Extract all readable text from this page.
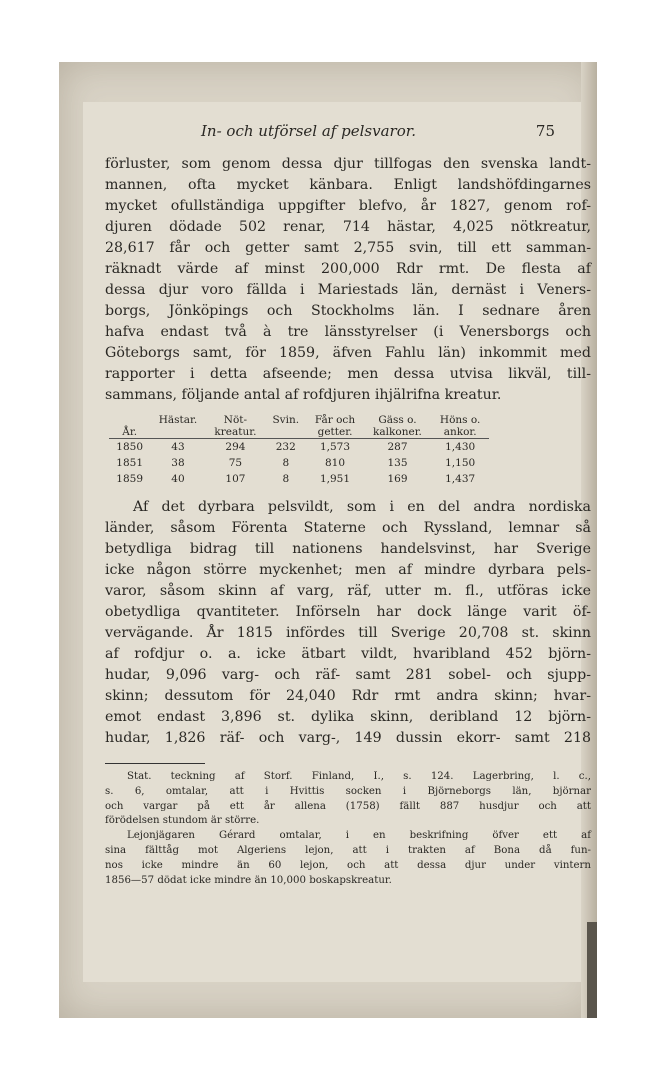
In- och utförsel af pelsvaror.	75
förluster, som genom dessa djur tillfogas den svenska landt-
mannen, ofta mycket känbara. Enligt landshöfdingarnes
mycket ofullständiga uppgifter blefvo, år 1827, genom rof-
djuren dödade 502 renar, 714 hästar, 4,025 nötkreatur,
28,617 får och getter samt 2,755 svin, till ett samman-
räknadt värde af minst 200,000 Rdr rmt. De flesta af
dessa djur voro fällda i Mariestads län, dernäst i Veners-
borgs, Jönköpings och Stockholms län. I sednare åren
hafva endast två à tre länsstyrelser (i Venersborgs och
Göteborgs samt, för 1859, äfven Fahlu län) inkommit med
rapporter i detta afseende; men dessa utvisa likväl, till-
sammans, följande antal af rofdjuren ihjälrifna kreatur.
	Hästar.	Nöt-	Svin.	Får och	Gäss o.	Höns o.
År.		kreatur.		getter.	kalkoner.	ankor.
1850	43	294	232	1,573	287	1,430
1851	38	75	8	810	135	1,150
1859	40	107	8	1,951	169	1,437
Af det dyrbara pelsvildt, som i en del andra nordiska
länder, såsom Förenta Staterne och Ryssland, lemnar så
betydliga bidrag till nationens handelsvinst, har Sverige
icke någon större myckenhet; men af mindre dyrbara pels-
varor, såsom skinn af varg, räf, utter m. fl., utföras icke
obetydliga qvantiteter. Införseln har dock länge varit öf-
vervägande. År 1815 infördes till Sverige 20,708 st. skinn
af rofdjur o. a. icke ätbart vildt, hvaribland 452 björn-
hudar, 9,096 varg- och räf- samt 281 sobel- och sjupp-
skinn; dessutom för 24,040 Rdr rmt andra skinn; hvar-
emot endast 3,896 st. dylika skinn, deribland 12 björn-
hudar, 1,826 räf- och varg-, 149 dussin ekorr- samt 218
Stat. teckning af Storf. Finland, I., s. 124. Lagerbring, l. c.,
s. 6, omtalar, att i Hvittis socken i Björneborgs län, björnar
och vargar på ett år allena (1758) fällt 887 husdjur och att
förödelsen stundom är större.
Lejonjägaren Gérard omtalar, i en beskrifning öfver ett af
sina fälttåg mot Algeriens lejon, att i trakten af Bona då fun-
nos icke mindre än 60 lejon, och att dessa djur under vintern
1856—57 dödat icke mindre än 10,000 boskapskreatur.
